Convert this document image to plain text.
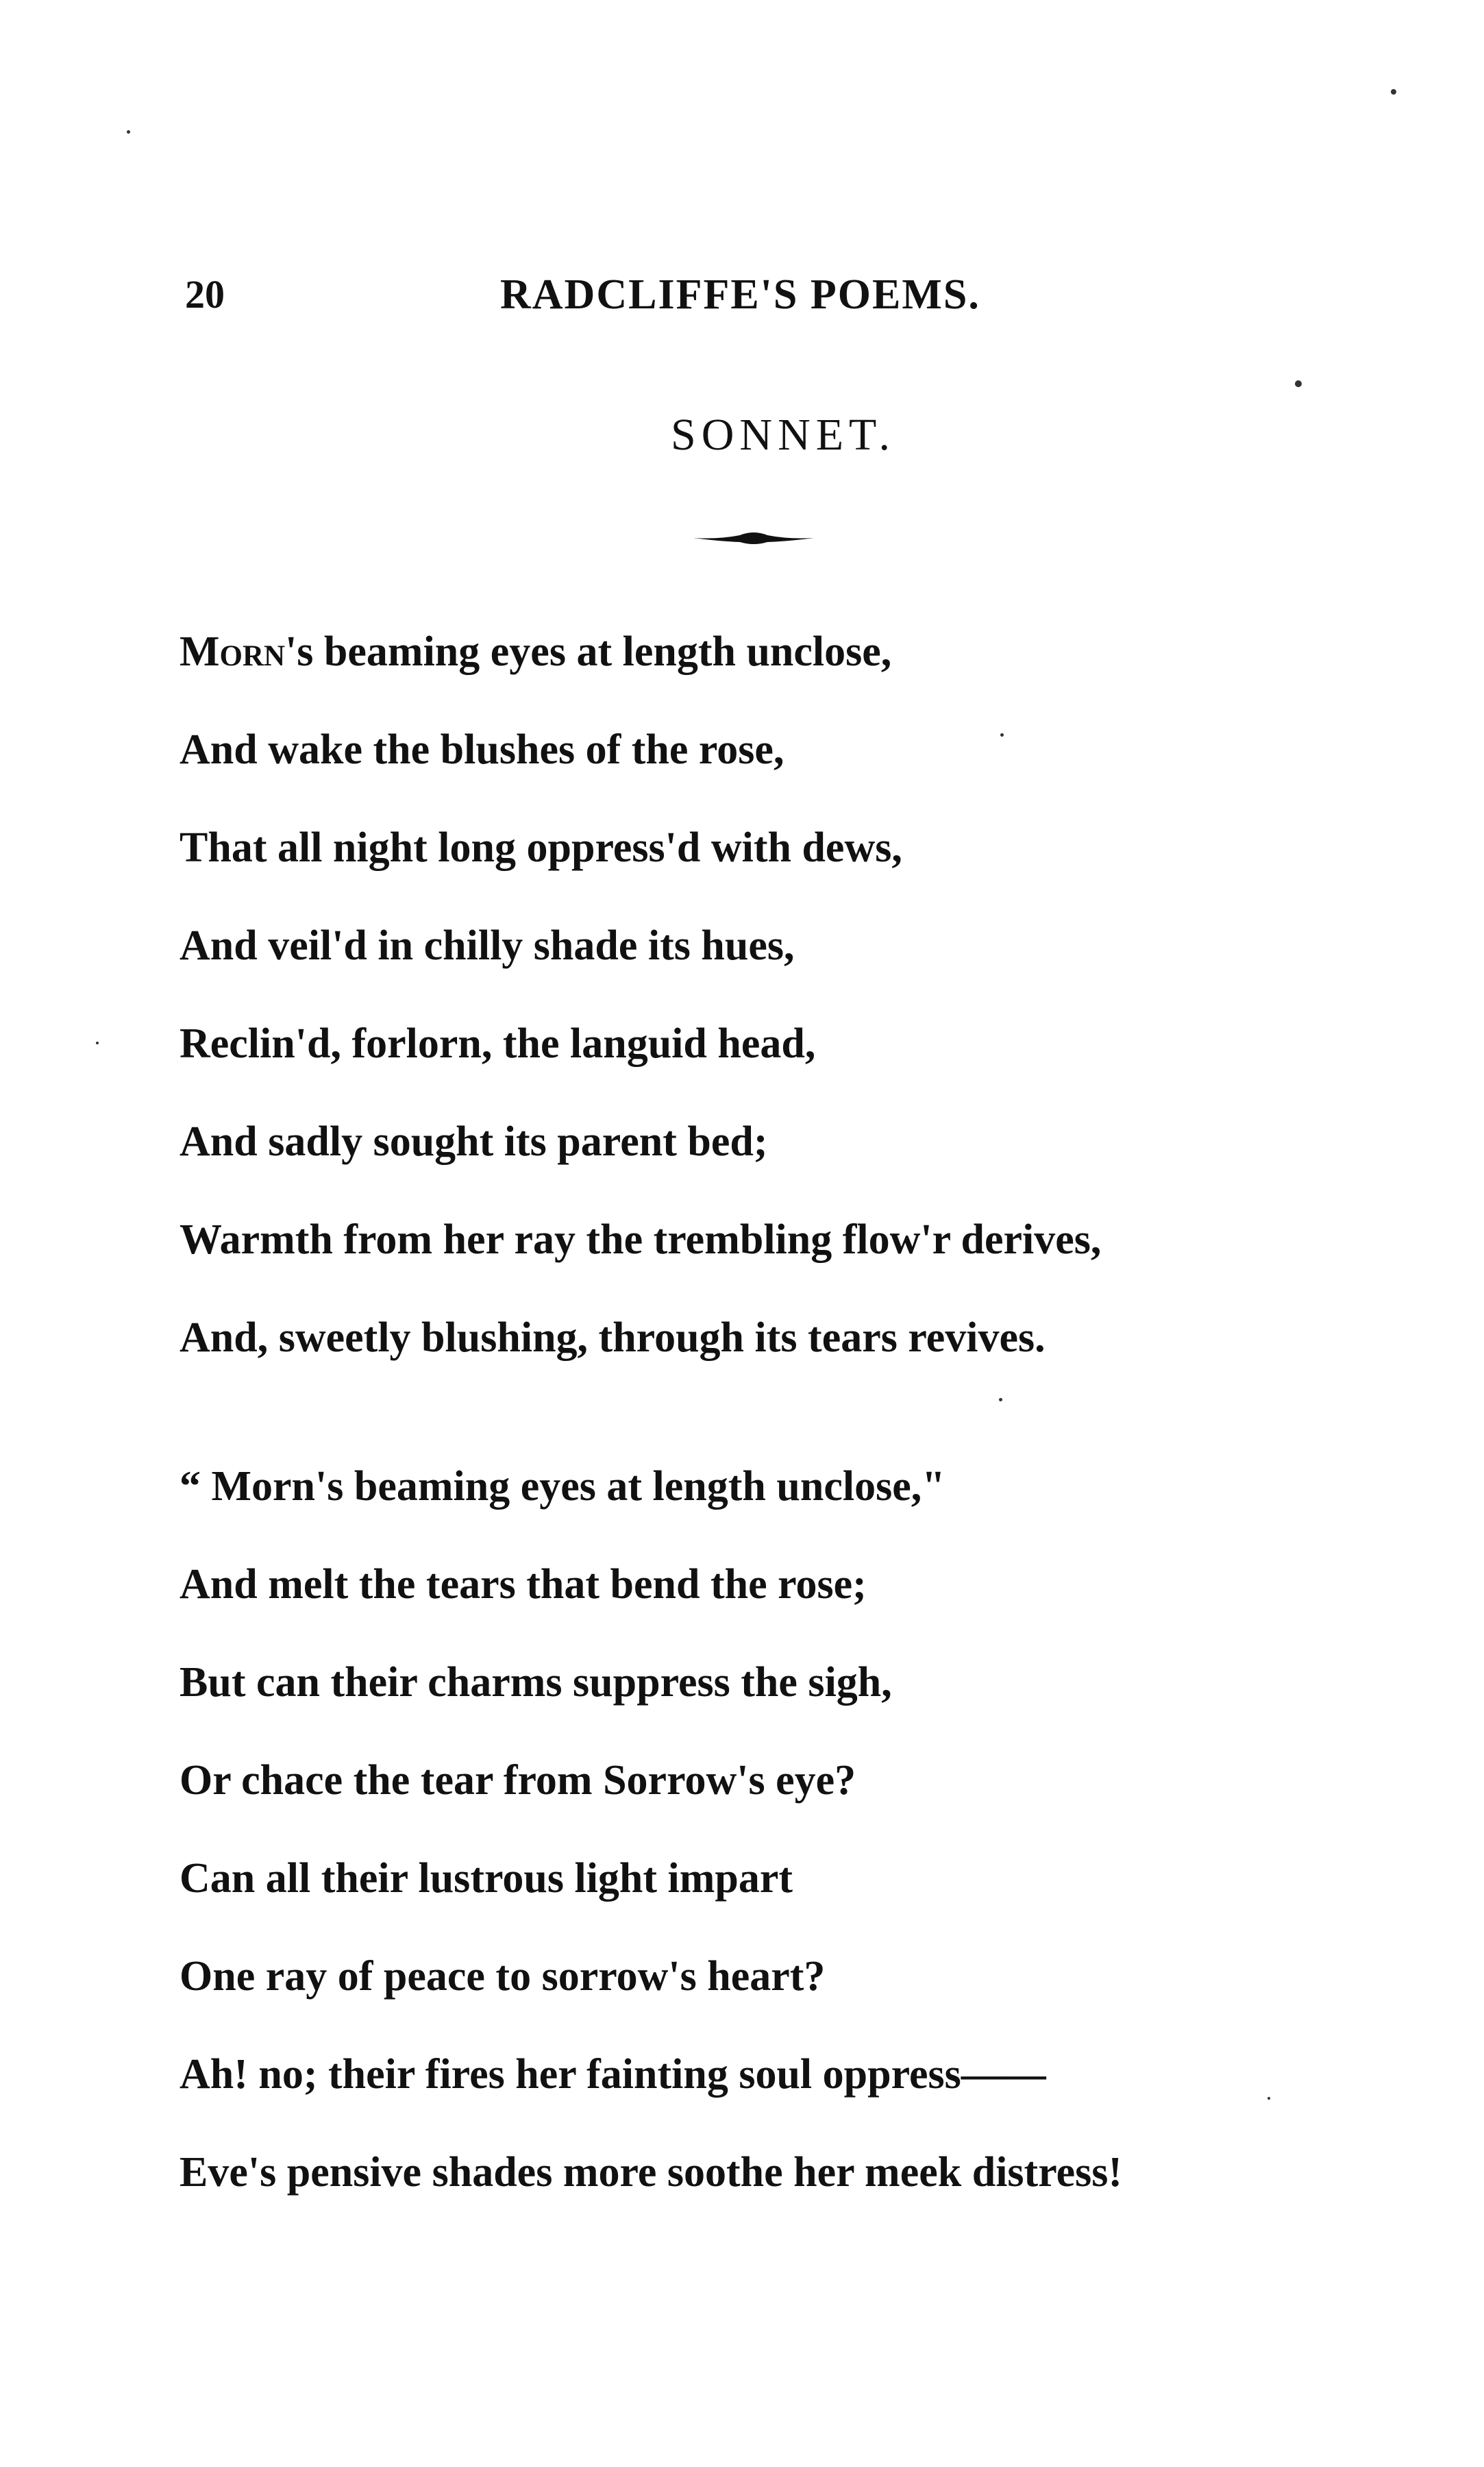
20	RADCLIFFE'S POEMS.
SONNET.
Morn's beaming eyes at length unclose,
And wake the blushes of the rose,
That all night long oppress'd with dews,
And veil'd in chilly shade its hues,
Reclin'd, forlorn, the languid head,
And sadly sought its parent bed;
Warmth from her ray the trembling flow'r derives,
And, sweetly blushing, through its tears revives.
“ Morn's beaming eyes at length unclose,"
And melt the tears that bend the rose;
But can their charms suppress the sigh,
Or chace the tear from Sorrow's eye?
Can all their lustrous light impart
One ray of peace to sorrow's heart?
Ah! no; their fires her fainting soul oppress——
Eve's pensive shades more soothe her meek distress!
